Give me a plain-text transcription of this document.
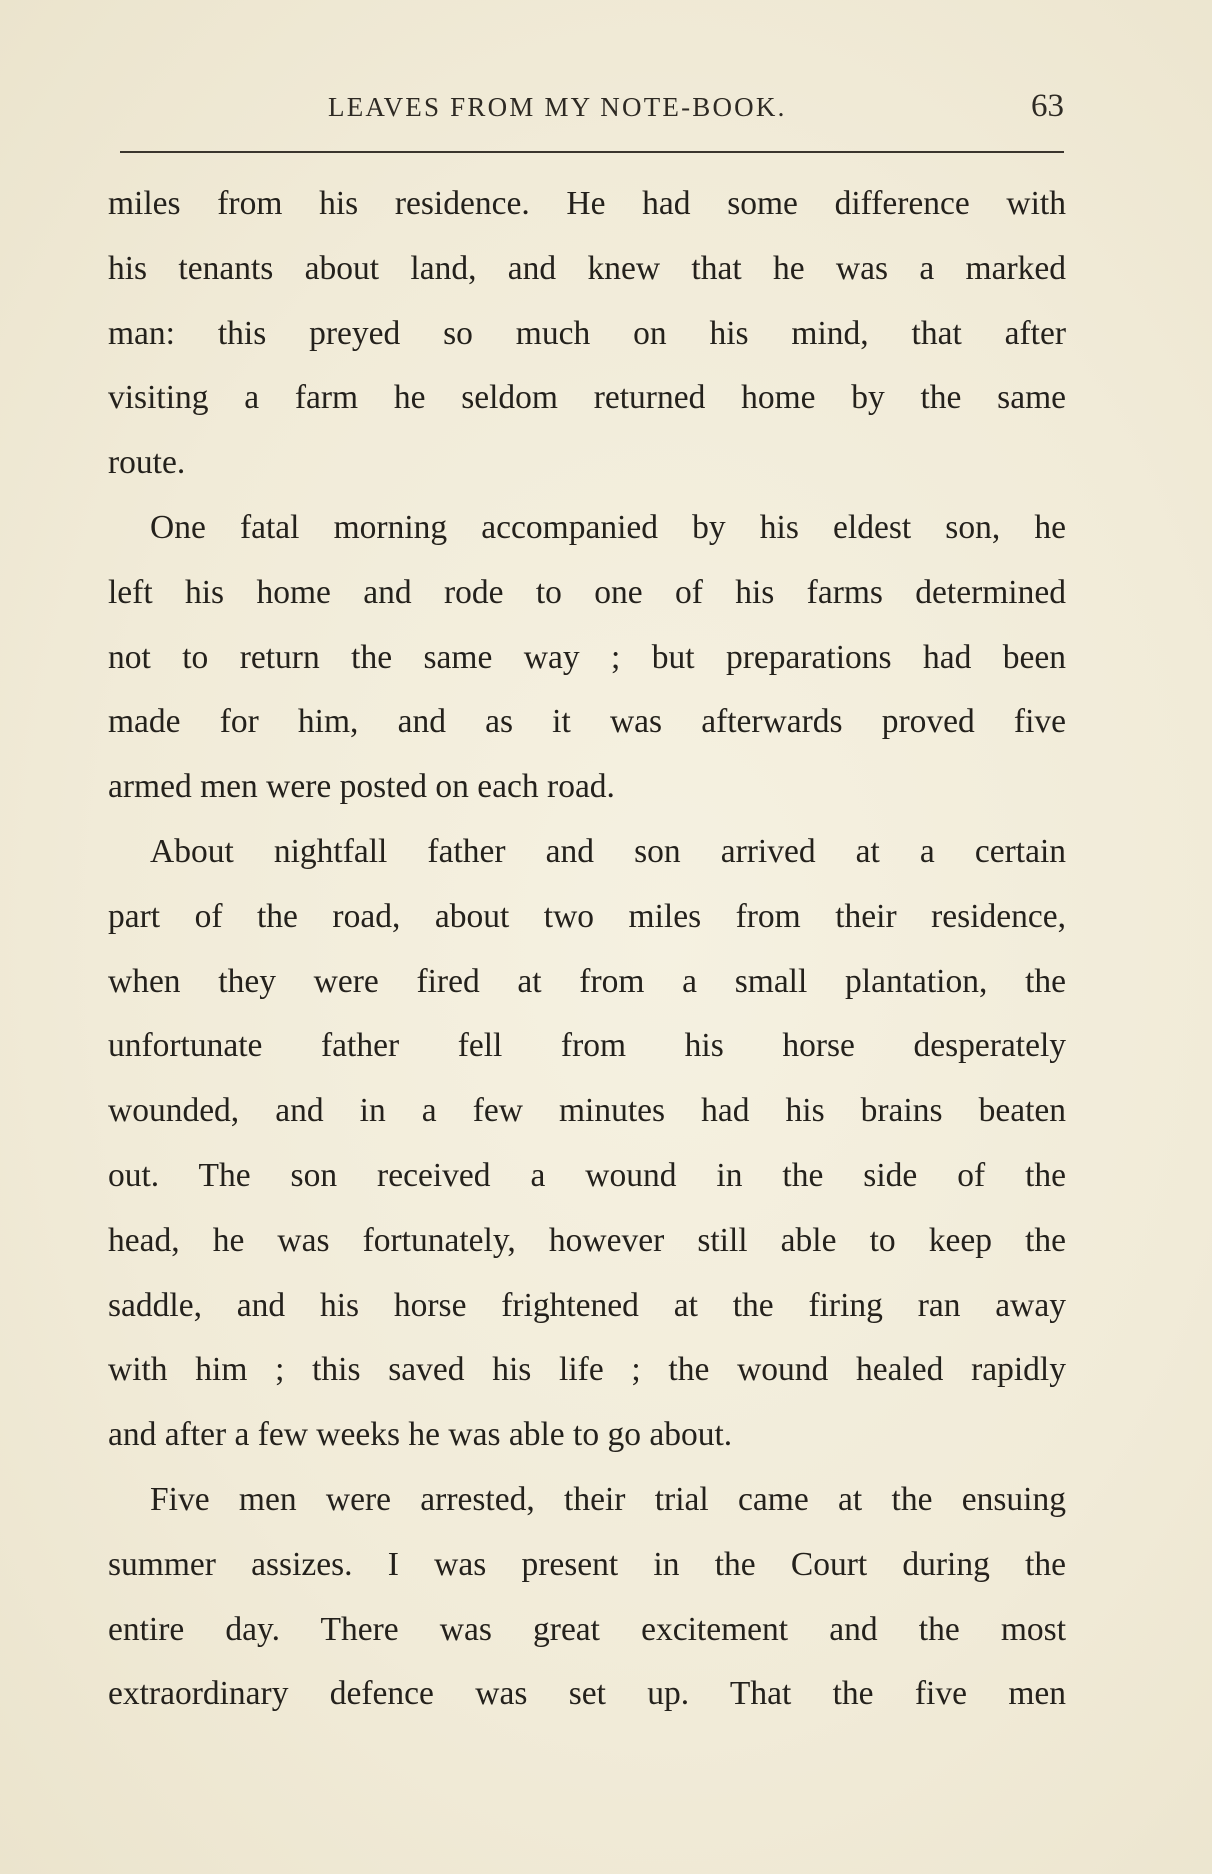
LEAVES FROM MY NOTE-BOOK.	63
miles from his residence. He had some difference with
his tenants about land, and knew that he was a marked
man: this preyed so much on his mind, that after
visiting a farm he seldom returned home by the same
route.
One fatal morning accompanied by his eldest son, he
left his home and rode to one of his farms determined
not to return the same way ; but preparations had been
made for him, and as it was afterwards proved five
armed men were posted on each road.
About nightfall father and son arrived at a certain
part of the road, about two miles from their residence,
when they were fired at from a small plantation, the
unfortunate father fell from his horse desperately
wounded, and in a few minutes had his brains beaten
out. The son received a wound in the side of the
head, he was fortunately, however still able to keep the
saddle, and his horse frightened at the firing ran away
with him ; this saved his life ; the wound healed rapidly
and after a few weeks he was able to go about.
Five men were arrested, their trial came at the ensuing
summer assizes. I was present in the Court during the
entire day. There was great excitement and the most
extraordinary defence was set up. That the five men
